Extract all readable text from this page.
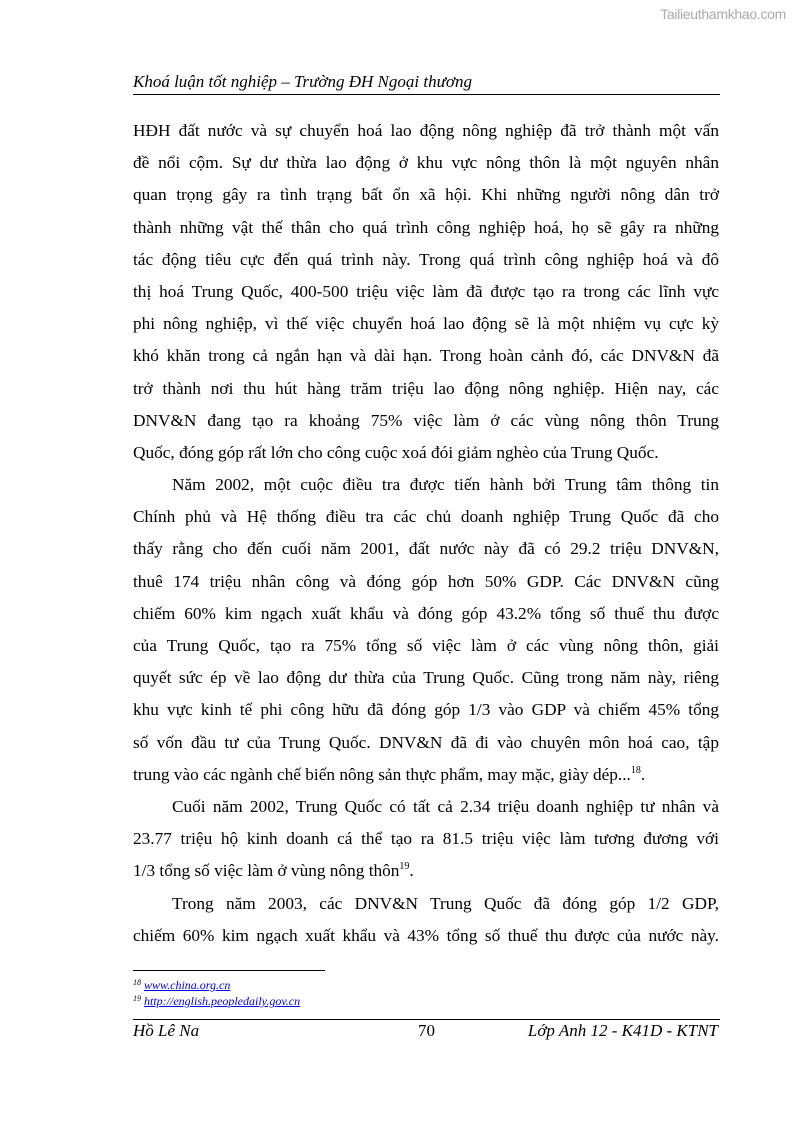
Tailieuthamkhao.com
Khoá luận tốt nghiệp – Trường ĐH Ngoại thương
HĐH đất nước và sự chuyển hoá lao động nông nghiệp đã trở thành một vấn
đề nổi cộm. Sự dư thừa lao động ở khu vực nông thôn là một nguyên nhân
quan trọng gây ra tình trạng bất ổn xã hội. Khi những người nông dân trở
thành những vật thế thân cho quá trình công nghiệp hoá, họ sẽ gây ra những
tác động tiêu cực đến quá trình này. Trong quá trình công nghiệp hoá và đô
thị hoá Trung Quốc, 400-500 triệu việc làm đã được tạo ra trong các lĩnh vực
phi nông nghiệp, vì thế việc chuyển hoá lao động sẽ là một nhiệm vụ cực kỳ
khó khăn trong cả ngắn hạn và dài hạn. Trong hoàn cảnh đó, các DNV&N đã
trở thành nơi thu hút hàng trăm triệu lao động nông nghiệp. Hiện nay, các
DNV&N đang tạo ra khoảng 75% việc làm ở các vùng nông thôn Trung
Quốc, đóng góp rất lớn cho công cuộc xoá đói giảm nghèo của Trung Quốc.
Năm 2002, một cuộc điều tra được tiến hành bởi Trung tâm thông tin
Chính phủ và Hệ thống điều tra các chủ doanh nghiệp Trung Quốc đã cho
thấy rằng cho đến cuối năm 2001, đất nước này đã có 29.2 triệu DNV&N,
thuê 174 triệu nhân công và đóng góp hơn 50% GDP. Các DNV&N cũng
chiếm 60% kim ngạch xuất khẩu và đóng góp 43.2% tổng số thuế thu được
của Trung Quốc, tạo ra 75% tổng số việc làm ở các vùng nông thôn, giải
quyết sức ép về lao động dư thừa của Trung Quốc. Cũng trong năm này, riêng
khu vực kinh tế phi công hữu đã đóng góp 1/3 vào GDP và chiếm 45% tổng
số vốn đầu tư của Trung Quốc. DNV&N đã đi vào chuyên môn hoá cao, tập
trung vào các ngành chế biến nông sản thực phẩm, may mặc, giày dép...$^{18}$.
Cuối năm 2002, Trung Quốc có tất cả 2.34 triệu doanh nghiệp tư nhân và
23.77 triệu hộ kinh doanh cá thể tạo ra 81.5 triệu việc làm tương đương với
1/3 tổng số việc làm ở vùng nông thôn$^{19}$.
Trong năm 2003, các DNV&N Trung Quốc đã đóng góp 1/2 GDP,
chiếm 60% kim ngạch xuất khẩu và 43% tổng số thuế thu được của nước này.
$^{18}$ www.china.org.cn
$^{19}$ http://english.peopledaily.gov.cn
Hồ Lê Na	70	Lớp Anh 12 - K41D - KTNT
